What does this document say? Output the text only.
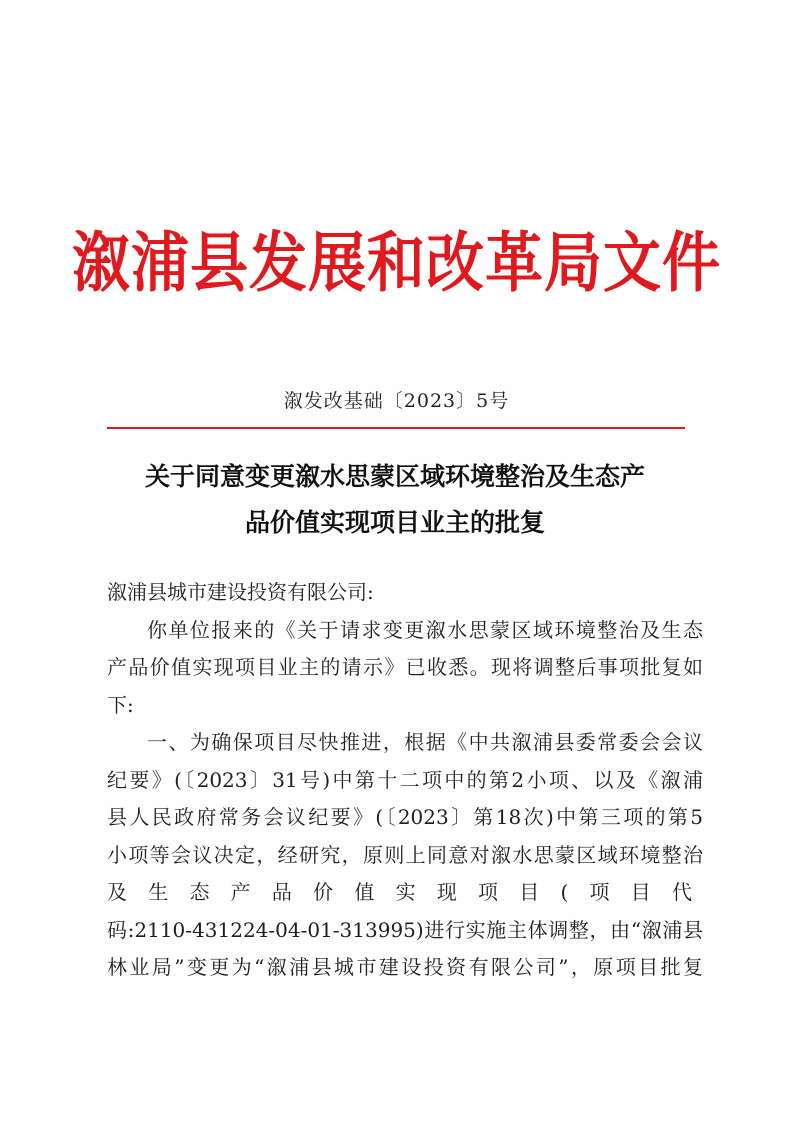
溆浦县发展和改革局文件
溆发改基础〔2023〕5号
关于同意变更溆水思蒙区域环境整治及生态产
品价值实现项目业主的批复
溆浦县城市建设投资有限公司:
你单位报来的《关于请求变更溆水思蒙区域环境整治及生态
产品价值实现项目业主的请示》已收悉。现将调整后事项批复如
下:
一、为确保项目尽快推进，根据《中共溆浦县委常委会会议
纪要》(〔2023〕31号)中第十二项中的第2小项、以及《溆浦
县人民政府常务会议纪要》(〔2023〕第18次)中第三项的第5
小项等会议决定，经研究，原则上同意对溆水思蒙区域环境整治
及生态产品价值实现项目(项目代
码:2110-431224-04-01-313995)进行实施主体调整，由“溆浦县
林业局”变更为“溆浦县城市建设投资有限公司”，原项目批复
